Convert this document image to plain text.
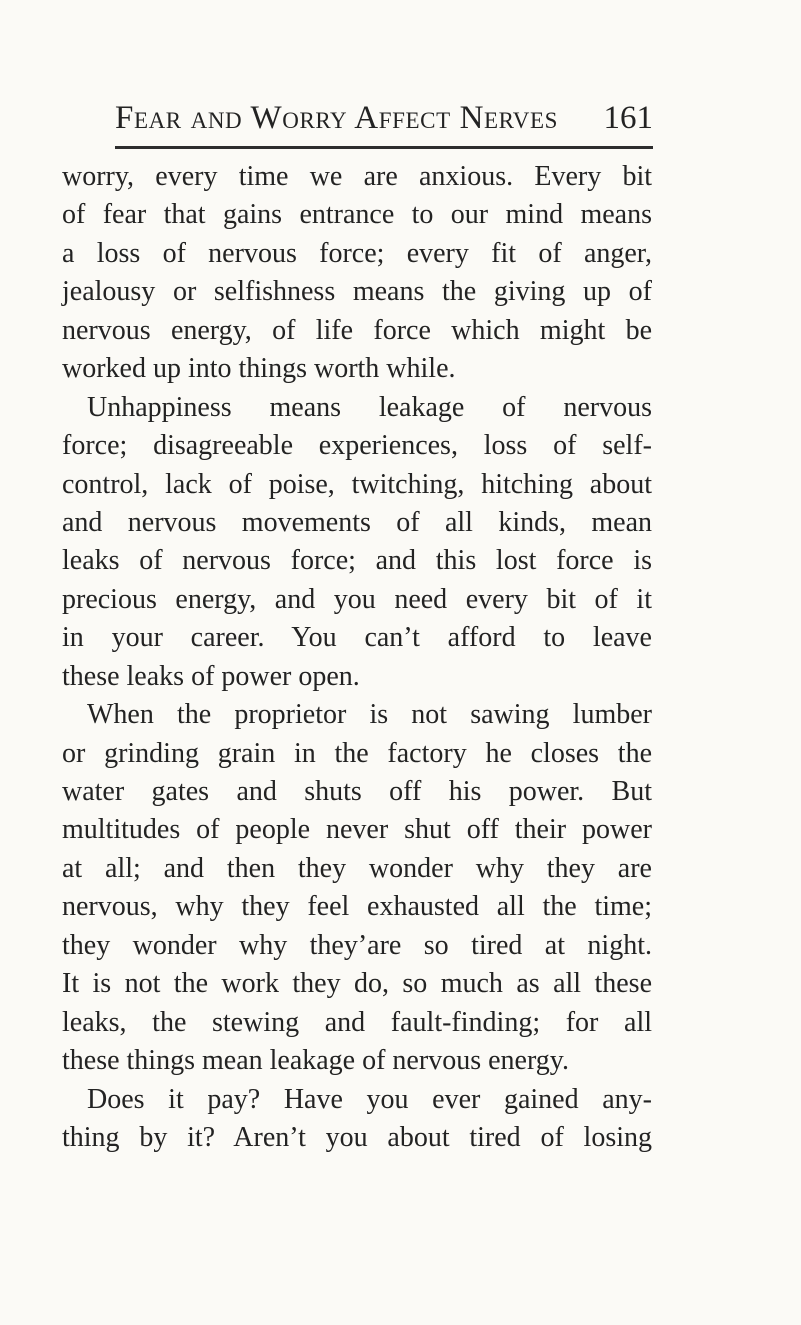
Fear and Worry Affect Nerves 161
worry, every time we are anxious. Every bit
of fear that gains entrance to our mind means
a loss of nervous force; every fit of anger,
jealousy or selfishness means the giving up of
nervous energy, of life force which might be
worked up into things worth while.
Unhappiness means leakage of nervous
force; disagreeable experiences, loss of self-
control, lack of poise, twitching, hitching about
and nervous movements of all kinds, mean
leaks of nervous force; and this lost force is
precious energy, and you need every bit of it
in your career. You can’t afford to leave
these leaks of power open.
When the proprietor is not sawing lumber
or grinding grain in the factory he closes the
water gates and shuts off his power. But
multitudes of people never shut off their power
at all; and then they wonder why they are
nervous, why they feel exhausted all the time;
they wonder why they’are so tired at night.
It is not the work they do, so much as all these
leaks, the stewing and fault-finding; for all
these things mean leakage of nervous energy.
Does it pay? Have you ever gained any-
thing by it? Aren’t you about tired of losing
